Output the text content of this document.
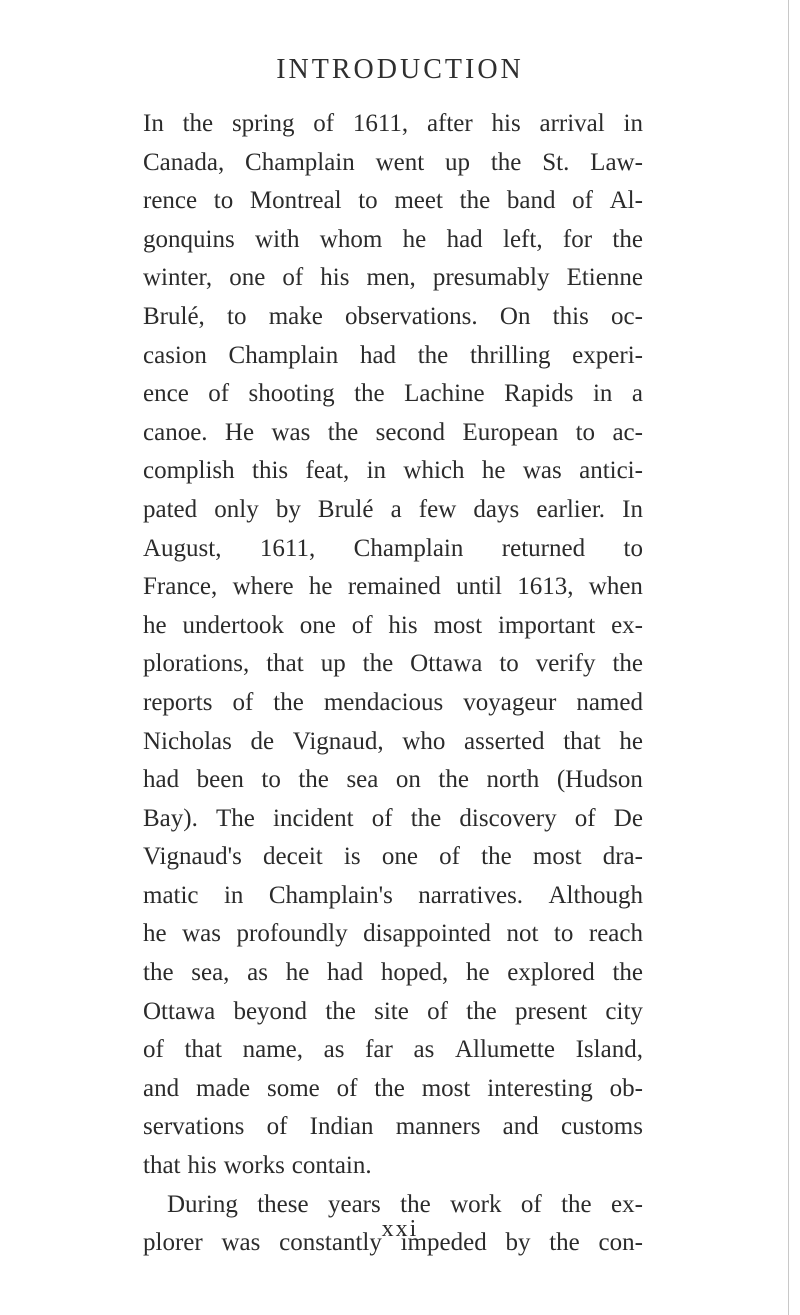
INTRODUCTION
In the spring of 1611, after his arrival in
Canada, Champlain went up the St. Law-
rence to Montreal to meet the band of Al-
gonquins with whom he had left, for the
winter, one of his men, presumably Etienne
Brulé, to make observations. On this oc-
casion Champlain had the thrilling experi-
ence of shooting the Lachine Rapids in a
canoe. He was the second European to ac-
complish this feat, in which he was antici-
pated only by Brulé a few days earlier. In
August, 1611, Champlain returned to
France, where he remained until 1613, when
he undertook one of his most important ex-
plorations, that up the Ottawa to verify the
reports of the mendacious voyageur named
Nicholas de Vignaud, who asserted that he
had been to the sea on the north (Hudson
Bay). The incident of the discovery of De
Vignaud's deceit is one of the most dra-
matic in Champlain's narratives. Although
he was profoundly disappointed not to reach
the sea, as he had hoped, he explored the
Ottawa beyond the site of the present city
of that name, as far as Allumette Island,
and made some of the most interesting ob-
servations of Indian manners and customs
that his works contain.
During these years the work of the ex-
plorer was constantly impeded by the con-
xxi
